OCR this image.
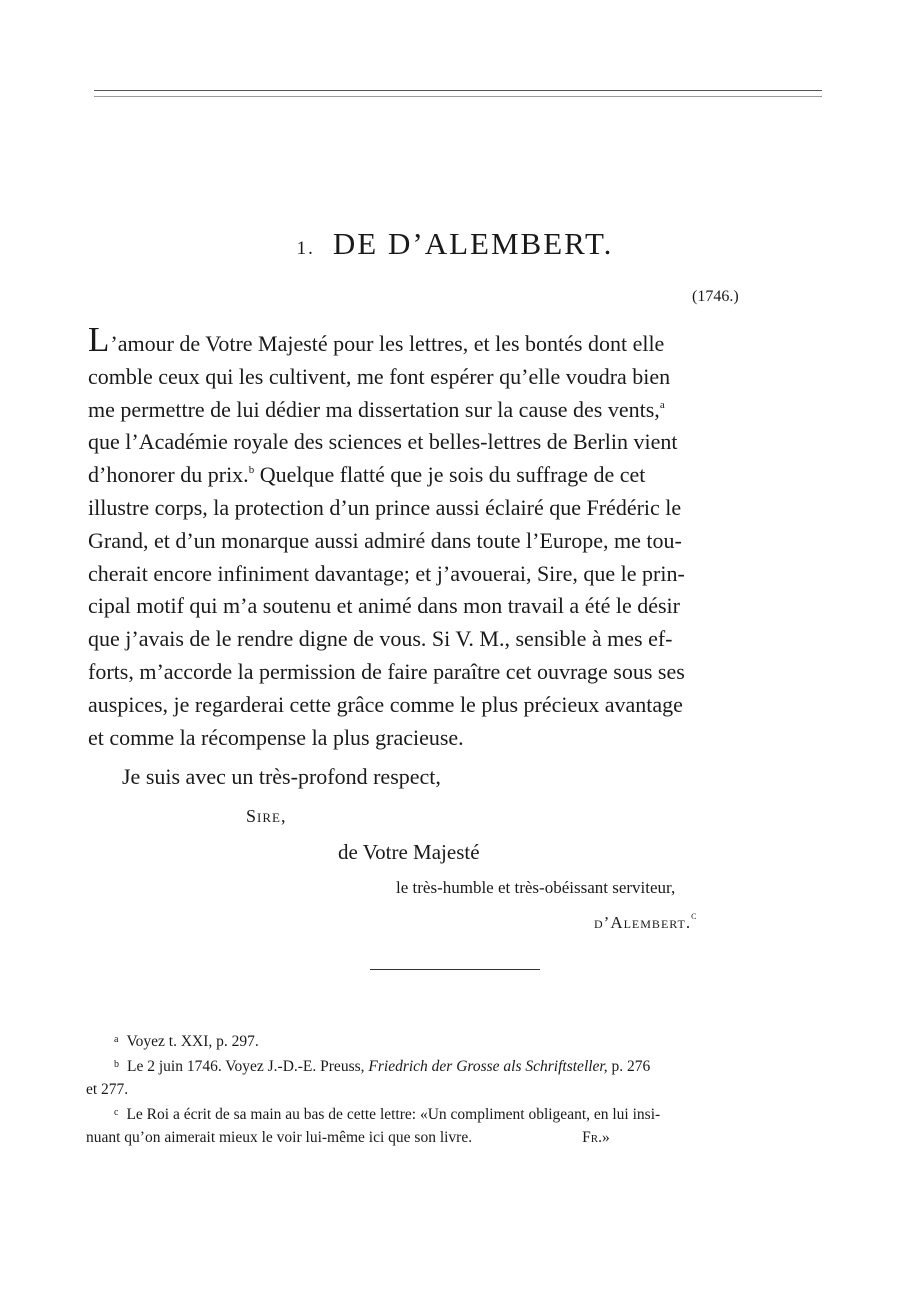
1. DE D’ALEMBERT.
(1746.)
L’amour de Votre Majesté pour les lettres, et les bontés dont elle
comble ceux qui les cultivent, me font espérer qu’elle voudra bien
me permettre de lui dédier ma dissertation sur la cause des vents,$^a$
que l’Académie royale des sciences et belles-lettres de Berlin vient
d’honorer du prix.$^b$ Quelque flatté que je sois du suffrage de cet
illustre corps, la protection d’un prince aussi éclairé que Frédéric le
Grand, et d’un monarque aussi admiré dans toute l’Europe, me tou-
cherait encore infiniment davantage; et j’avouerai, Sire, que le prin-
cipal motif qui m’a soutenu et animé dans mon travail a été le désir
que j’avais de le rendre digne de vous. Si V. M., sensible à mes ef-
forts, m’accorde la permission de faire paraître cet ouvrage sous ses
auspices, je regarderai cette grâce comme le plus précieux avantage
et comme la récompense la plus gracieuse.
Je suis avec un très-profond respect,
Sire,
de Votre Majesté
le très-humble et très-obéissant serviteur,
d’Alembert.$^c$

$^a$ Voyez t. XXI, p. 297.

$^b$ Le 2 juin 1746. Voyez J.-D.-E. Preuss, Friedrich der Grosse als Schriftsteller, p. 276

et 277.

$^c$ Le Roi a écrit de sa main au bas de cette lettre: «Un compliment obligeant, en lui insi-

nuant qu’on aimerait mieux le voir lui-même ici que son livre.	Fr.»
